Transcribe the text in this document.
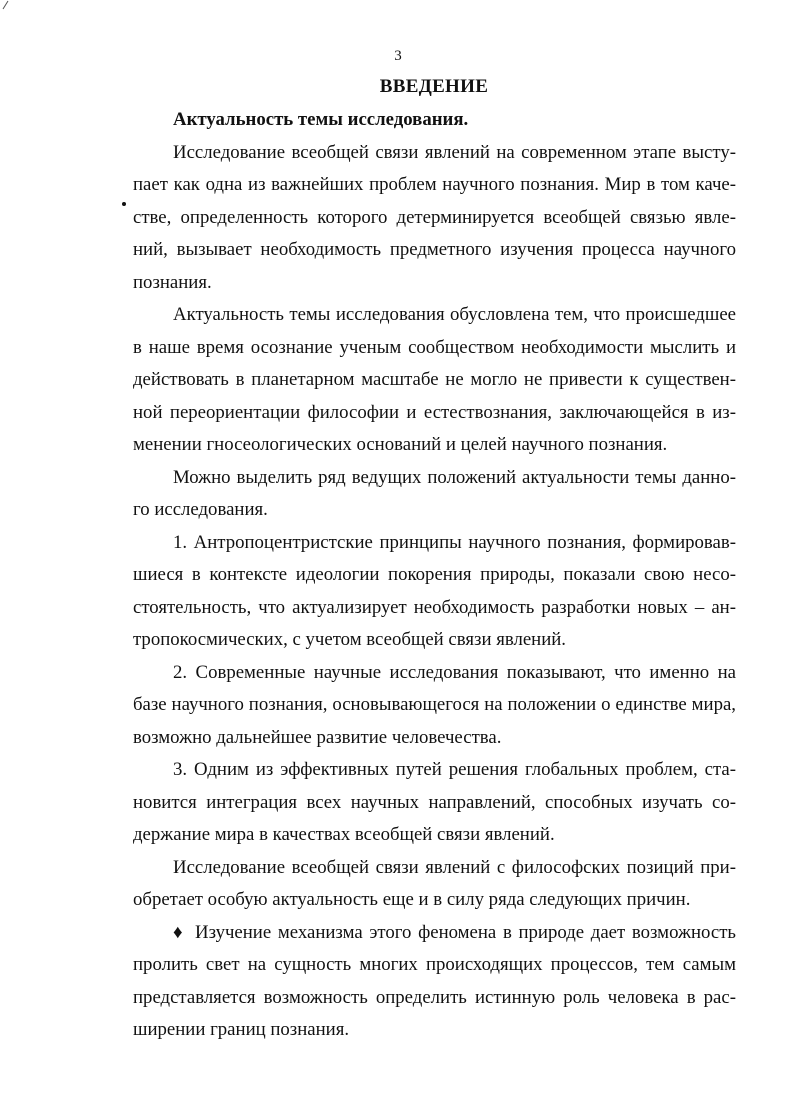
3
ВВЕДЕНИЕ

Актуальность темы исследования.

Исследование всеобщей связи явлений на современном этапе выступает как одна из важнейших проблем научного познания. Мир в том качестве, определенность которого детерминируется всеобщей связью явлений, вызывает необходимость предметного изучения процесса научного познания.

Актуальность темы исследования обусловлена тем, что происшедшее в наше время осознание ученым сообществом необходимости мыслить и действовать в планетарном масштабе не могло не привести к существенной переориентации философии и естествознания, заключающейся в изменении гносеологических оснований и целей научного познания.

Можно выделить ряд ведущих положений актуальности темы данного исследования.

1. Антропоцентристские принципы научного познания, формировавшиеся в контексте идеологии покорения природы, показали свою несостоятельность, что актуализирует необходимость разработки новых – антропокосмических, с учетом всеобщей связи явлений.

2. Современные научные исследования показывают, что именно на базе научного познания, основывающегося на положении о единстве мира, возможно дальнейшее развитие человечества.

3. Одним из эффективных путей решения глобальных проблем, становится интеграция всех научных направлений, способных изучать содержание мира в качествах всеобщей связи явлений.

Исследование всеобщей связи явлений с философских позиций приобретает особую актуальность еще и в силу ряда следующих причин.

♦ Изучение механизма этого феномена в природе дает возможность пролить свет на сущность многих происходящих процессов, тем самым представляется возможность определить истинную роль человека в расширении границ познания.
